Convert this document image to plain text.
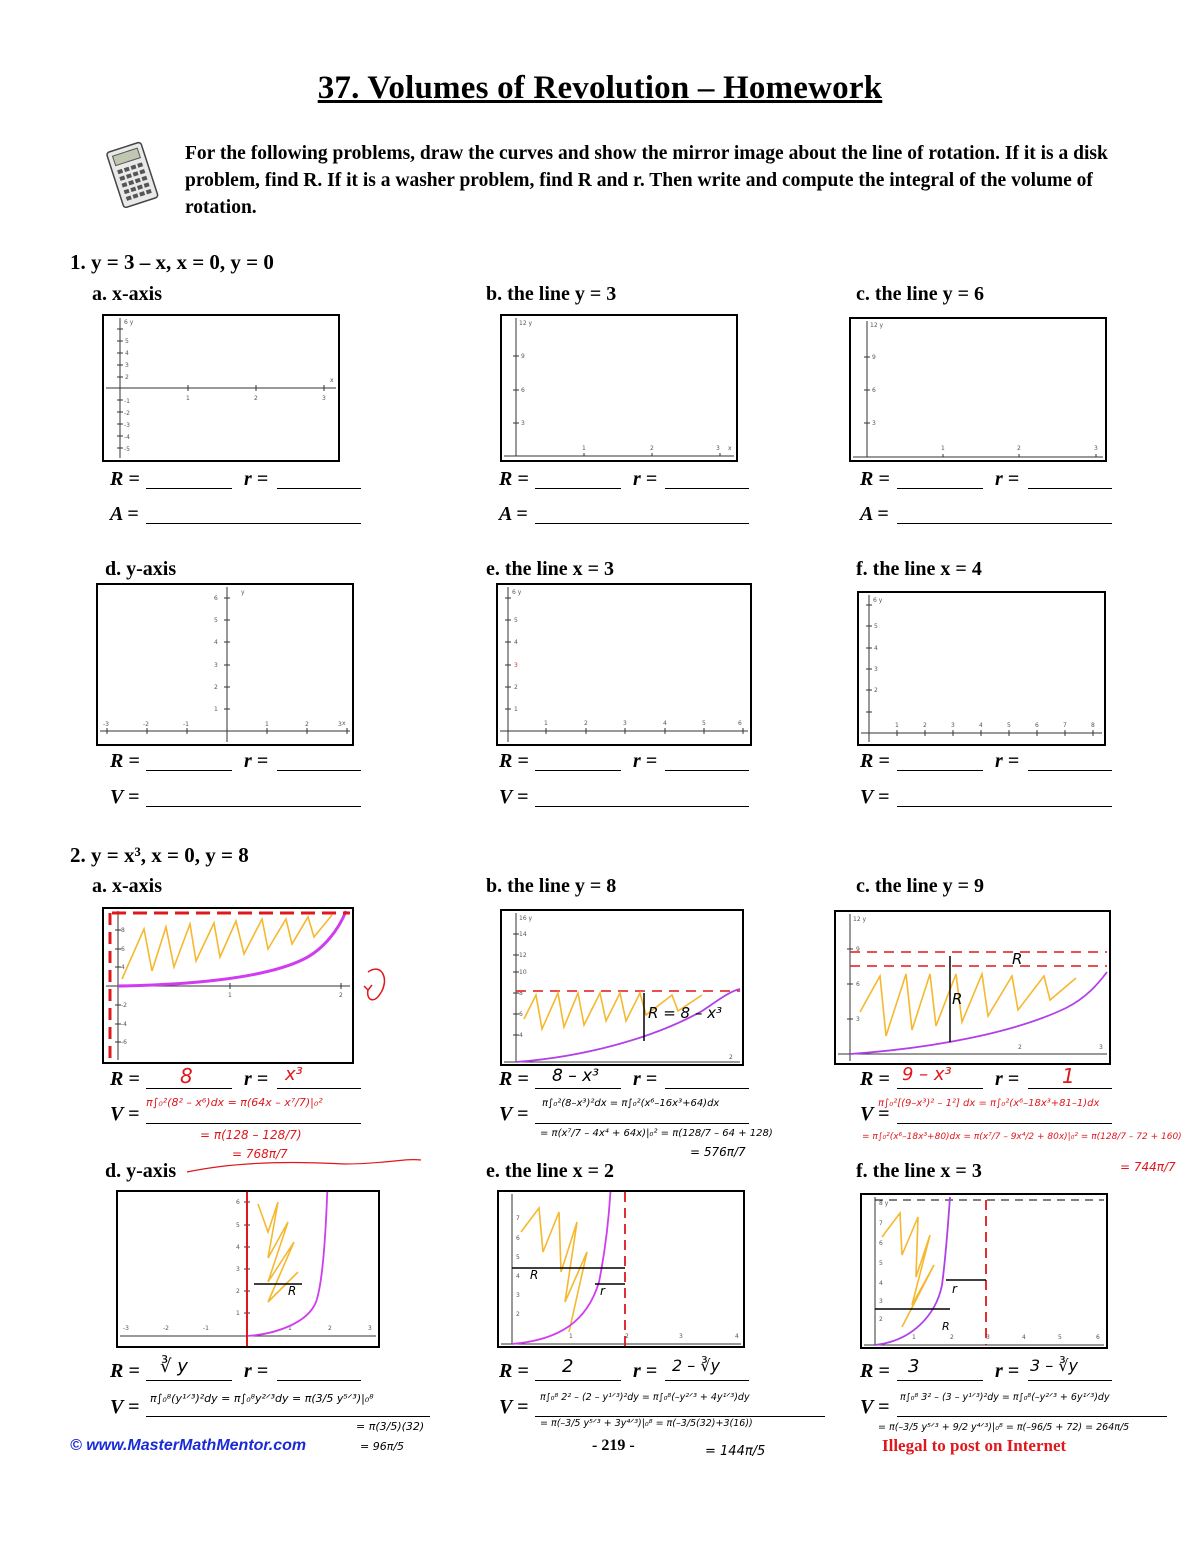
37. Volumes of Revolution – Homework
For the following problems, draw the curves and show the mirror image about the line of rotation. If it is a disk problem, find R. If it is a washer problem, find R and r. Then write and compute the integral of the volume of rotation.
1. y = 3 – x, x = 0, y = 0
a. x-axis	b. the line y = 3	c. the line y = 6
d. y-axis	e. the line x = 3	f. the line x = 4
6 y
x
5
4
3
2
1	2	3
-1
-2
-3
-4
-5
12 y
x
9
6
3
1	2	3
12 y
9
6
3
1	2	3
y
x
6
5
4
3
2
1
-3	-2	-1	1	2	3
6 y
5
4
3
2
1
1	2	3	4	5	6
6 y
5
4
3
2
1	2	3	4	5	6	7	8
R =	r =
A =
R =	r =
A =
R =	r =
A =
R =	r =
V =
R =	r =
V =
R =	r =
V =
2. y = x³, x = 0, y = 8
a. x-axis	b. the line y = 8	c. the line y = 9
d. y-axis	e. the line x = 2	f. the line x = 3
8
6
4
-2
-4
-6
1	2
16 y
14
12
10
8
6
4
2
R = 8 – x³
12 y
9
6
3
2	3
R
R
R = 8	r = x³
V =
π∫₀²(8² – x⁶)dx = π(64x – x⁷/7)|₀²
= π(128 – 128/7)
= 768π/7
R = 8 – x³ r =
V = π∫₀²(8–x³)²dx = π∫₀²(x⁶–16x³+64)dx
= π(x⁷/7 – 4x⁴ + 64x)|₀² = π(128/7 – 64 + 128)
= 576π/7
R = 9 – x³ r = 1
V =
π∫₀²[(9–x³)² – 1²] dx = π∫₀²(x⁶–18x³+81–1)dx
= π∫₀²(x⁶–18x³+80)dx = π(x⁷/7 – 9x⁴/2 + 80x)|₀² = π(128/7 – 72 + 160)
= 744π/7
6
5
4
3
2
1
-3	-2	-1	1	2	3
R
7
6
5
4
3
2
1	2	3	4
R
r
8 y
7
6
5
4
3
2
1	2	3	4	5	6
R
r
R = ∛ y	r =
V = π∫₀⁸(y¹ᐟ³)²dy = π∫₀⁸y²ᐟ³dy = π(3/5 y⁵ᐟ³)|₀⁸
= π(3/5)(32)
= 96π/5
R = 2	r = 2 – ∛y
V = π∫₀⁸ 2² – (2 – y¹ᐟ³)²dy = π∫₀⁸(–y²ᐟ³ + 4y¹ᐟ³)dy
= π(–3/5 y⁵ᐟ³ + 3y⁴ᐟ³)|₀⁸ = π(–3/5(32)+3(16))
= 144π/5
R = 3	r = 3 – ∛y
V = π∫₀⁸ 3² – (3 – y¹ᐟ³)²dy = π∫₀⁸(–y²ᐟ³ + 6y¹ᐟ³)dy
= π(–3/5 y⁵ᐟ³ + 9/2 y⁴ᐟ³)|₀⁸ = π(–96/5 + 72) = 264π/5
© www.MasterMathMentor.com	- 219 -	Illegal to post on Internet
